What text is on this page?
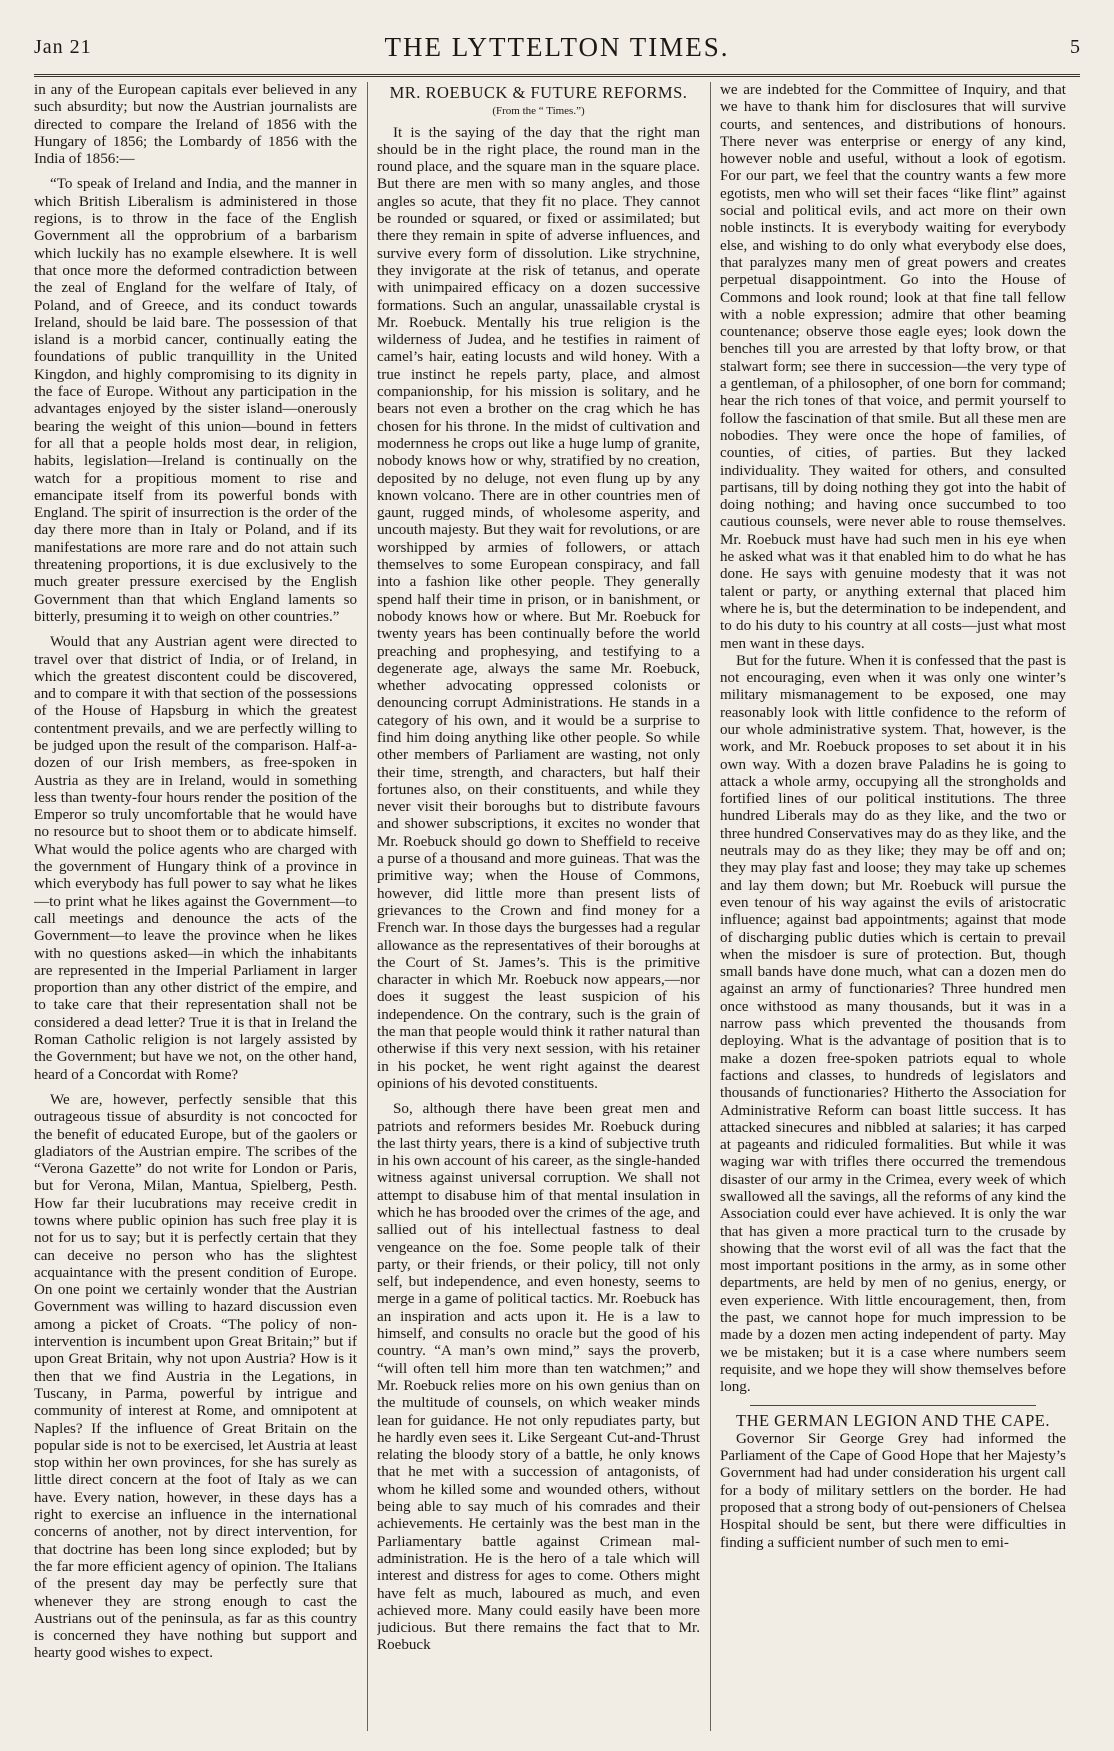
Jan 21	THE LYTTELTON TIMES.	5

in any of the European capitals ever believed in any such absurdity; but now the Austrian journalists are directed to compare the Ireland of 1856 with the Hungary of 1856; the Lombardy of 1856 with the India of 1856:—

“To speak of Ireland and India, and the manner in which British Liberalism is administered in those regions, is to throw in the face of the English Government all the opprobrium of a barbarism which luckily has no example elsewhere. It is well that once more the deformed contradiction between the zeal of England for the welfare of Italy, of Poland, and of Greece, and its conduct towards Ireland, should be laid bare. The possession of that island is a morbid cancer, continually eating the foundations of public tranquillity in the United Kingdon, and highly compromising to its dignity in the face of Europe. Without any participation in the advantages enjoyed by the sister island—onerously bearing the weight of this union—bound in fetters for all that a people holds most dear, in religion, habits, legislation—Ireland is continually on the watch for a propitious moment to rise and emancipate itself from its powerful bonds with England. The spirit of insurrection is the order of the day there more than in Italy or Poland, and if its manifestations are more rare and do not attain such threatening proportions, it is due exclusively to the much greater pressure exercised by the English Government than that which England laments so bitterly, presuming it to weigh on other countries.”

Would that any Austrian agent were directed to travel over that district of India, or of Ireland, in which the greatest discontent could be discovered, and to compare it with that section of the possessions of the House of Hapsburg in which the greatest contentment prevails, and we are perfectly willing to be judged upon the result of the comparison. Half-a-dozen of our Irish members, as free-spoken in Austria as they are in Ireland, would in something less than twenty-four hours render the position of the Emperor so truly uncomfortable that he would have no resource but to shoot them or to abdicate himself. What would the police agents who are charged with the government of Hungary think of a province in which everybody has full power to say what he likes—to print what he likes against the Government—to call meetings and denounce the acts of the Government—to leave the province when he likes with no questions asked—in which the inhabitants are represented in the Imperial Parliament in larger proportion than any other district of the empire, and to take care that their representation shall not be considered a dead letter? True it is that in Ireland the Roman Catholic religion is not largely assisted by the Government; but have we not, on the other hand, heard of a Concordat with Rome?

We are, however, perfectly sensible that this outrageous tissue of absurdity is not concocted for the benefit of educated Europe, but of the gaolers or gladiators of the Austrian empire. The scribes of the “Verona Gazette” do not write for London or Paris, but for Verona, Milan, Mantua, Spielberg, Pesth. How far their lucubrations may receive credit in towns where public opinion has such free play it is not for us to say; but it is perfectly certain that they can deceive no person who has the slightest acquaintance with the present condition of Europe. On one point we certainly wonder that the Austrian Government was willing to hazard discussion even among a picket of Croats. “The policy of non-intervention is incumbent upon Great Britain;” but if upon Great Britain, why not upon Austria? How is it then that we find Austria in the Legations, in Tuscany, in Parma, powerful by intrigue and community of interest at Rome, and omnipotent at Naples? If the influence of Great Britain on the popular side is not to be exercised, let Austria at least stop within her own provinces, for she has surely as little direct concern at the foot of Italy as we can have. Every nation, however, in these days has a right to exercise an influence in the international concerns of another, not by direct intervention, for that doctrine has been long since exploded; but by the far more efficient agency of opinion. The Italians of the present day may be perfectly sure that whenever they are strong enough to cast the Austrians out of the peninsula, as far as this country is concerned they have nothing but support and hearty good wishes to expect.

MR. ROEBUCK & FUTURE REFORMS.
(From the “ Times.”)

It is the saying of the day that the right man should be in the right place, the round man in the round place, and the square man in the square place. But there are men with so many angles, and those angles so acute, that they fit no place. They cannot be rounded or squared, or fixed or assimilated; but there they remain in spite of adverse influences, and survive every form of dissolution. Like strychnine, they invigorate at the risk of tetanus, and operate with unimpaired efficacy on a dozen successive formations. Such an angular, unassailable crystal is Mr. Roebuck. Mentally his true religion is the wilderness of Judea, and he testifies in raiment of camel’s hair, eating locusts and wild honey. With a true instinct he repels party, place, and almost companionship, for his mission is solitary, and he bears not even a brother on the crag which he has chosen for his throne. In the midst of cultivation and modernness he crops out like a huge lump of granite, nobody knows how or why, stratified by no creation, deposited by no deluge, not even flung up by any known volcano. There are in other countries men of gaunt, rugged minds, of wholesome asperity, and uncouth majesty. But they wait for revolutions, or are worshipped by armies of followers, or attach themselves to some European conspiracy, and fall into a fashion like other people. They generally spend half their time in prison, or in banishment, or nobody knows how or where. But Mr. Roebuck for twenty years has been continually before the world preaching and prophesying, and testifying to a degenerate age, always the same Mr. Roebuck, whether advocating oppressed colonists or denouncing corrupt Administrations. He stands in a category of his own, and it would be a surprise to find him doing anything like other people. So while other members of Parliament are wasting, not only their time, strength, and characters, but half their fortunes also, on their constituents, and while they never visit their boroughs but to distribute favours and shower subscriptions, it excites no wonder that Mr. Roebuck should go down to Sheffield to receive a purse of a thousand and more guineas. That was the primitive way; when the House of Commons, however, did little more than present lists of grievances to the Crown and find money for a French war. In those days the burgesses had a regular allowance as the representatives of their boroughs at the Court of St. James’s. This is the primitive character in which Mr. Roebuck now appears,—nor does it suggest the least suspicion of his independence. On the contrary, such is the grain of the man that people would think it rather natural than otherwise if this very next session, with his retainer in his pocket, he went right against the dearest opinions of his devoted constituents.

So, although there have been great men and patriots and reformers besides Mr. Roebuck during the last thirty years, there is a kind of subjective truth in his own account of his career, as the single-handed witness against universal corruption. We shall not attempt to disabuse him of that mental insulation in which he has brooded over the crimes of the age, and sallied out of his intellectual fastness to deal vengeance on the foe. Some people talk of their party, or their friends, or their policy, till not only self, but independence, and even honesty, seems to merge in a game of political tactics. Mr. Roebuck has an inspiration and acts upon it. He is a law to himself, and consults no oracle but the good of his country. “A man’s own mind,” says the proverb, “will often tell him more than ten watchmen;” and Mr. Roebuck relies more on his own genius than on the multitude of counsels, on which weaker minds lean for guidance. He not only repudiates party, but he hardly even sees it. Like Sergeant Cut-and-Thrust relating the bloody story of a battle, he only knows that he met with a succession of antagonists, of whom he killed some and wounded others, without being able to say much of his comrades and their achievements. He certainly was the best man in the Parliamentary battle against Crimean mal-administration. He is the hero of a tale which will interest and distress for ages to come. Others might have felt as much, laboured as much, and even achieved more. Many could easily have been more judicious. But there remains the fact that to Mr. Roebuck

we are indebted for the Committee of Inquiry, and that we have to thank him for disclosures that will survive courts, and sentences, and distributions of honours. There never was enterprise or energy of any kind, however noble and useful, without a look of egotism. For our part, we feel that the country wants a few more egotists, men who will set their faces “like flint” against social and political evils, and act more on their own noble instincts. It is everybody waiting for everybody else, and wishing to do only what everybody else does, that paralyzes many men of great powers and creates perpetual disappointment. Go into the House of Commons and look round; look at that fine tall fellow with a noble expression; admire that other beaming countenance; observe those eagle eyes; look down the benches till you are arrested by that lofty brow, or that stalwart form; see there in succession—the very type of a gentleman, of a philosopher, of one born for command; hear the rich tones of that voice, and permit yourself to follow the fascination of that smile. But all these men are nobodies. They were once the hope of families, of counties, of cities, of parties. But they lacked individuality. They waited for others, and consulted partisans, till by doing nothing they got into the habit of doing nothing; and having once succumbed to too cautious counsels, were never able to rouse themselves. Mr. Roebuck must have had such men in his eye when he asked what was it that enabled him to do what he has done. He says with genuine modesty that it was not talent or party, or anything external that placed him where he is, but the determination to be independent, and to do his duty to his country at all costs—just what most men want in these days.

But for the future. When it is confessed that the past is not encouraging, even when it was only one winter’s military mismanagement to be exposed, one may reasonably look with little confidence to the reform of our whole administrative system. That, however, is the work, and Mr. Roebuck proposes to set about it in his own way. With a dozen brave Paladins he is going to attack a whole army, occupying all the strongholds and fortified lines of our political institutions. The three hundred Liberals may do as they like, and the two or three hundred Conservatives may do as they like, and the neutrals may do as they like; they may be off and on; they may play fast and loose; they may take up schemes and lay them down; but Mr. Roebuck will pursue the even tenour of his way against the evils of aristocratic influence; against bad appointments; against that mode of discharging public duties which is certain to prevail when the misdoer is sure of protection. But, though small bands have done much, what can a dozen men do against an army of functionaries? Three hundred men once withstood as many thousands, but it was in a narrow pass which prevented the thousands from deploying. What is the advantage of position that is to make a dozen free-spoken patriots equal to whole factions and classes, to hundreds of legislators and thousands of functionaries? Hitherto the Association for Administrative Reform can boast little success. It has attacked sinecures and nibbled at salaries; it has carped at pageants and ridiculed formalities. But while it was waging war with trifles there occurred the tremendous disaster of our army in the Crimea, every week of which swallowed all the savings, all the reforms of any kind the Association could ever have achieved. It is only the war that has given a more practical turn to the crusade by showing that the worst evil of all was the fact that the most important positions in the army, as in some other departments, are held by men of no genius, energy, or even experience. With little encouragement, then, from the past, we cannot hope for much impression to be made by a dozen men acting independent of party. May we be mistaken; but it is a case where numbers seem requisite, and we hope they will show themselves before long.

THE GERMAN LEGION AND THE CAPE.

Governor Sir George Grey had informed the Parliament of the Cape of Good Hope that her Majesty’s Government had had under consideration his urgent call for a body of military settlers on the border. He had proposed that a strong body of out-pensioners of Chelsea Hospital should be sent, but there were difficulties in finding a sufficient number of such men to emi-
